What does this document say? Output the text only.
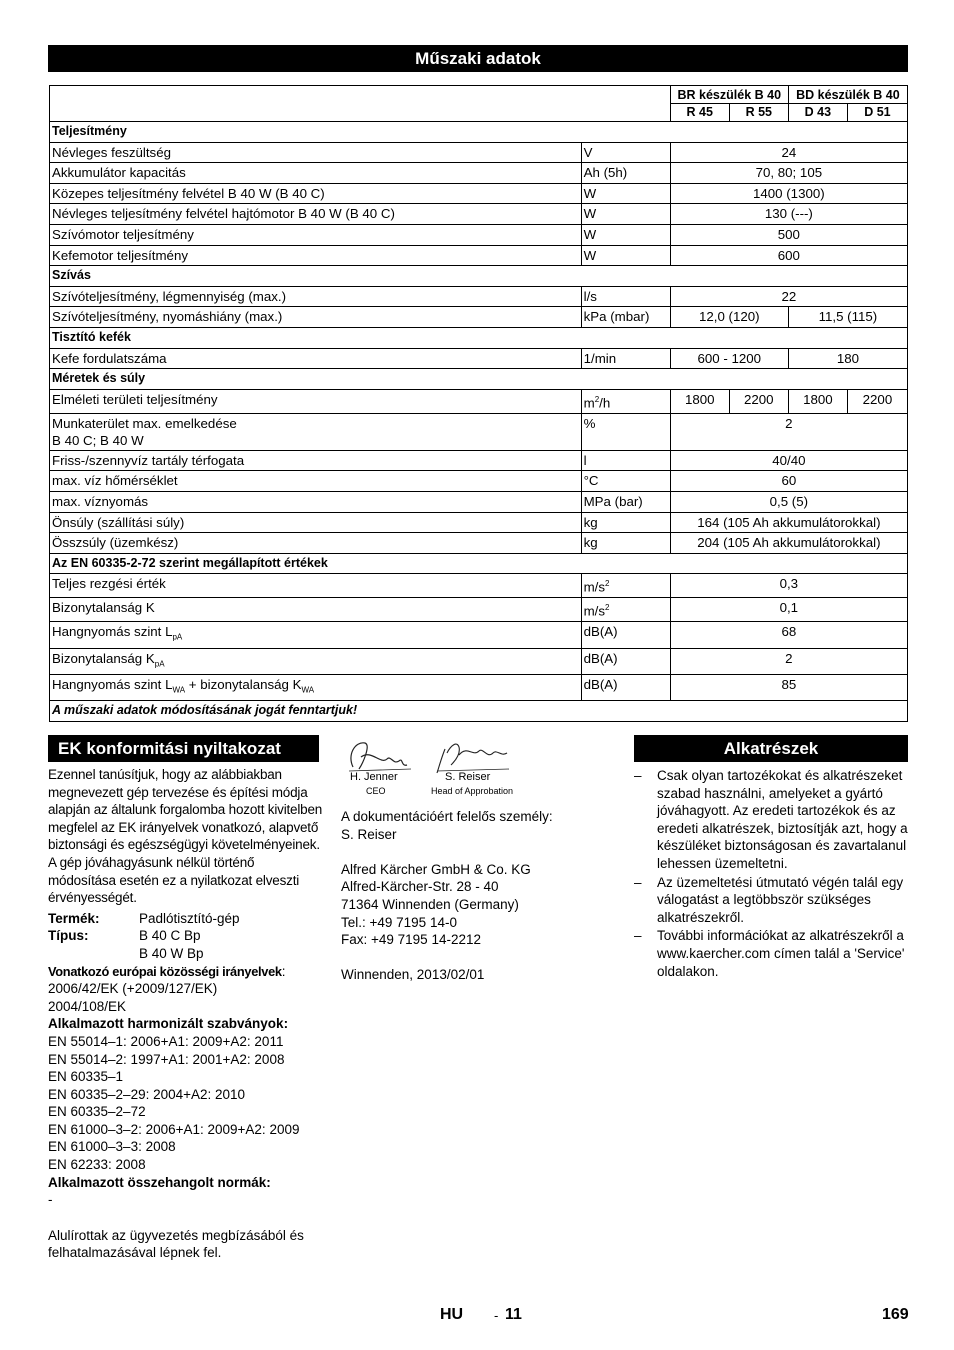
Műszaki adatok
		BR készülék B 40		BD készülék B 40	
		R 45	R 55	D 43	D 51
Teljesítmény					
Névleges feszültség	V	24			
Akkumulátor kapacitás	Ah (5h)	70, 80; 105			
Közepes teljesítmény felvétel B 40 W (B 40 C)	W	1400 (1300)			
Névleges teljesítmény felvétel hajtómotor B 40 W (B 40 C)	W	130 (---)			
Szívómotor teljesítmény	W	500			
Kefemotor teljesítmény	W	600			
Szívás					
Szívóteljesítmény, légmennyiség (max.)	l/s	22			
Szívóteljesítmény, nyomáshiány (max.)	kPa (mbar)	12,0 (120)		11,5 (115)	
Tisztító kefék					
Kefe fordulatszáma	1/min	600 - 1200		180	
Méretek és súly					
Elméleti területi teljesítmény	$m^2/h$	1800	2200	1800	2200
Munkaterület max. emelkedése
B 40 C; B 40 W	%	2			
Friss-/szennyvíz tartály térfogata	l	40/40			
max. víz hőmérséklet	°C	60			
max. víznyomás	MPa (bar)	0,5 (5)			
Önsúly (szállítási súly)	kg	164 (105 Ah akkumulátorokkal)			
Összsúly (üzemkész)	kg	204 (105 Ah akkumulátorokkal)			
Az EN 60335-2-72 szerint megállapított értékek					
Teljes rezgési érték	$m/s^2$	0,3			
Bizonytalanság K	$m/s^2$	0,1			
Hangnyomás szint $L_{pA}$	dB(A)	68			
Bizonytalanság $K_{pA}$	dB(A)	2			
Hangnyomás szint $L_{WA}$ + bizonytalanság $K_{WA}$	dB(A)	85			
A műszaki adatok módosításának jogát fenntartjuk!					
EK konformitási nyiltakozat

Ezennel tanúsítjuk, hogy az alábbiakban megnevezett gép tervezése és építési módja alapján az általunk forgalomba hozott kivitelben megfelel az EK irányelvek vonatkozó, alapvető biztonsági és egészségügyi követelményeinek. A gép jóváhagyásunk nélkül történő módosítása esetén ez a nyilatkozat elveszti érvényességét.

Termék:	Padlótisztító-gép
Típus:	B 40 C Bp
B 40 W Bp

Vonatkozó európai közösségi irányelvek:

2006/42/EK (+2009/127/EK)

2004/108/EK

Alkalmazott harmonizált szabványok:

EN 55014–1: 2006+A1: 2009+A2: 2011

EN 55014–2: 1997+A1: 2001+A2: 2008

EN 60335–1

EN 60335–2–29: 2004+A2: 2010

EN 60335–2–72

EN 61000–3–2: 2006+A1: 2009+A2: 2009

EN 61000–3–3: 2008

EN 62233: 2008

Alkalmazott összehangolt normák:

-

Alulírottak az ügyvezetés megbízásából és felhatalmazásával lépnek fel.

H. Jenner
CEO
S. Reiser
Head of Approbation

A dokumentációért felelős személy:

S. Reiser

Alfred Kärcher GmbH & Co. KG

Alfred-Kärcher-Str. 28 - 40

71364 Winnenden (Germany)

Tel.: +49 7195 14-0

Fax: +49 7195 14-2212

Winnenden, 2013/02/01

Alkatrészek
– Csak olyan tartozékokat és alkatrészeket szabad használni, amelyeket a gyártó jóváhagyott. Az eredeti tartozékok és az eredeti alkatrészek, biztosítják azt, hogy a készüléket biztonságosan és zavartalanul lehessen üzemeltetni.
– Az üzemeltetési útmutató végén talál egy válogatást a legtöbbször szükséges alkatrészekről.
– További információkat az alkatrészekről a www.kaercher.com címen talál a 'Service' oldalakon.
HU - 11	169
